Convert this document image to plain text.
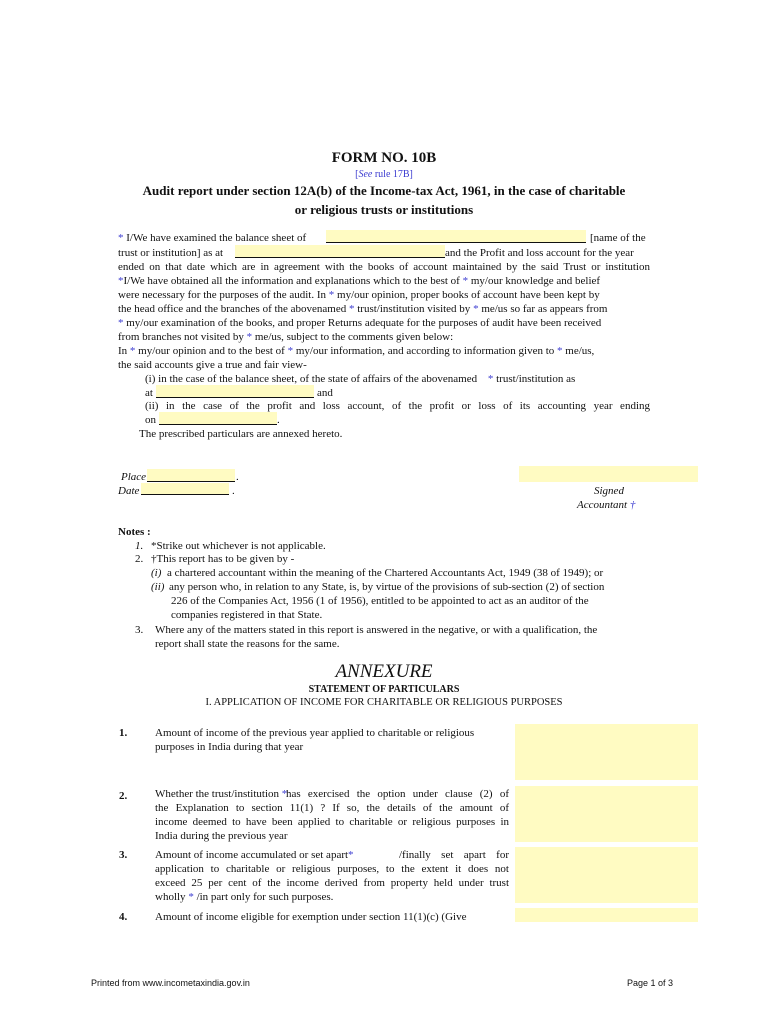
FORM NO. 10B
[See rule 17B]
Audit report under section 12A(b) of the Income-tax Act, 1961, in the case of charitable
or religious trusts or institutions
* I/We have examined the balance sheet of	[name of the
trust or institution] as at	and the Profit and loss account for the year
ended on that date which are in agreement with the books of account maintained by the said Trust or institution
*I/We have obtained all the information and explanations which to the best of * my/our knowledge and belief
were necessary for the purposes of the audit. In * my/our opinion, proper books of account have been kept by
the head office and the branches of the abovenamed * trust/institution visited by * me/us so far as appears from
* my/our examination of the books, and proper Returns adequate for the purposes of audit have been received
from branches not visited by * me/us, subject to the comments given below:
In * my/our opinion and to the best of * my/our information, and according to information given to * me/us,
the said accounts give a true and fair view-
(i) in the case of the balance sheet, of the state of affairs of the abovenamed * trust/institution as
at	and
(ii) in the case of the profit and loss account, of the profit or loss of its accounting year ending
on	.
The prescribed particulars are annexed hereto.
Place	.
Date	.	Signed
Accountant †
Notes :
1. *Strike out whichever is not applicable.
2. †This report has to be given by -
(i) a chartered accountant within the meaning of the Chartered Accountants Act, 1949 (38 of 1949); or
(ii) any person who, in relation to any State, is, by virtue of the provisions of sub-section (2) of section
226 of the Companies Act, 1956 (1 of 1956), entitled to be appointed to act as an auditor of the
companies registered in that State.
3. Where any of the matters stated in this report is answered in the negative, or with a qualification, the
report shall state the reasons for the same.
ANNEXURE
STATEMENT OF PARTICULARS
I. APPLICATION OF INCOME FOR CHARITABLE OR RELIGIOUS PURPOSES
1.	Amount of income of the previous year applied to charitable or religious
purposes in India during that year
2.	Whether the trust/institution *
has exercised the option under clause (2) of
the Explanation to section 11(1) ? If so, the details of the amount of
income deemed to have been applied to charitable or religious purposes in
India during the previous year
3.	Amount of income accumulated or set apart*	/finally set apart for
application to charitable or religious purposes, to the extent it does not
exceed 25 per cent of the income derived from property held under trust
wholly * /in part only for such purposes.
4.	Amount of income eligible for exemption under section 11(1)(c) (Give
Printed from www.incometaxindia.gov.in	Page 1 of 3
